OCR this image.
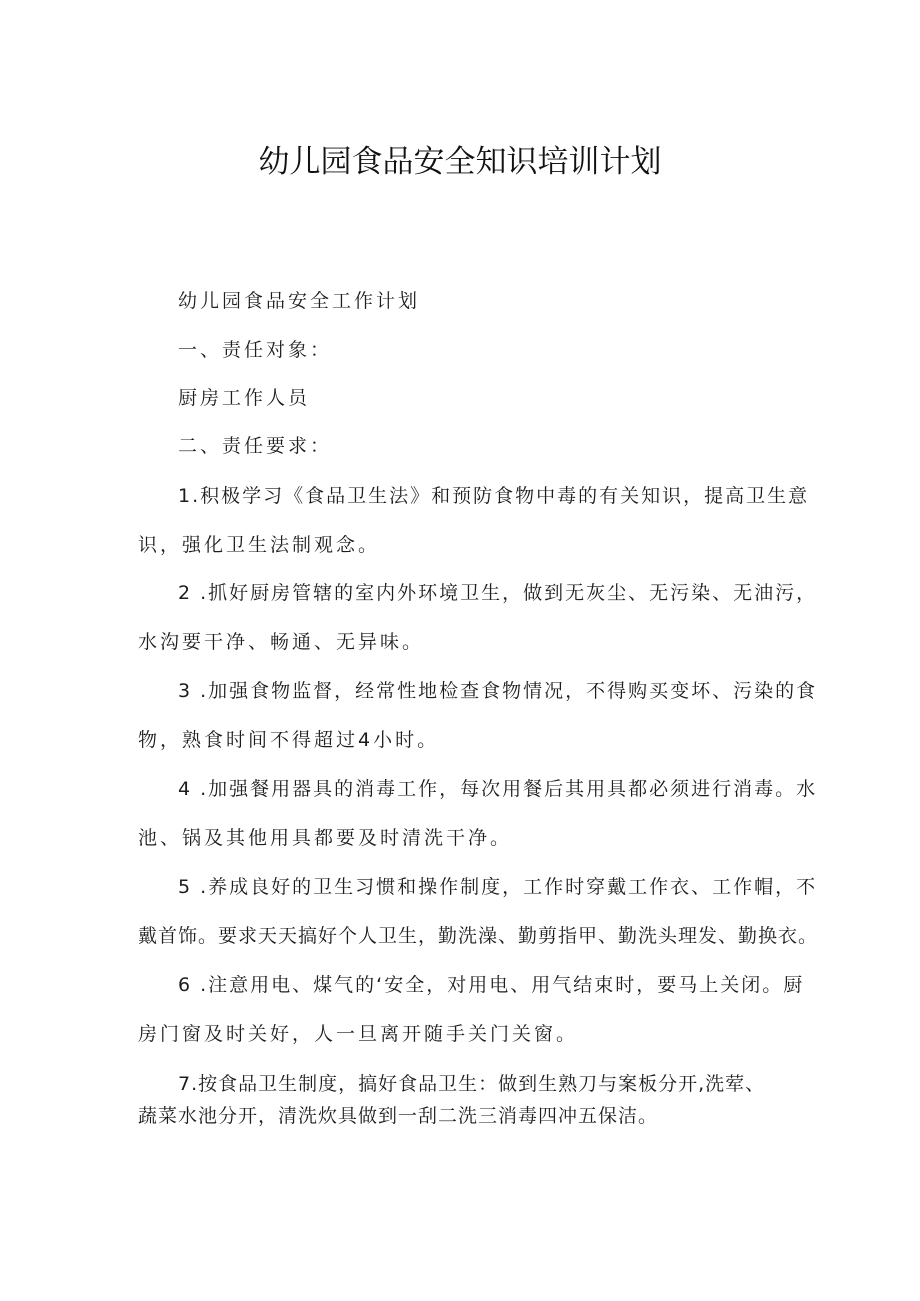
幼儿园食品安全知识培训计划
幼儿园食品安全工作计划
一、责任对象：
厨房工作人员
二、责任要求：
1.积极学习《食品卫生法》和预防食物中毒的有关知识，提高卫生意
识，强化卫生法制观念。
2 .抓好厨房管辖的室内外环境卫生，做到无灰尘、无污染、无油污，
水沟要干净、畅通、无异味。
3 .加强食物监督，经常性地检查食物情况，不得购买变坏、污染的食
物，熟食时间不得超过4小时。
4 .加强餐用器具的消毒工作，每次用餐后其用具都必须进行消毒。水
池、锅及其他用具都要及时清洗干净。
5 .养成良好的卫生习惯和操作制度，工作时穿戴工作衣、工作帽，不
戴首饰。要求天天搞好个人卫生，勤洗澡、勤剪指甲、勤洗头理发、勤换衣。
6 .注意用电、煤气的‘安全，对用电、用气结束时，要马上关闭。厨
房门窗及时关好，人一旦离开随手关门关窗。
7.按食品卫生制度，搞好食品卫生：做到生熟刀与案板分开,洗荤、
蔬菜水池分开，清洗炊具做到一刮二洗三消毒四冲五保洁。
